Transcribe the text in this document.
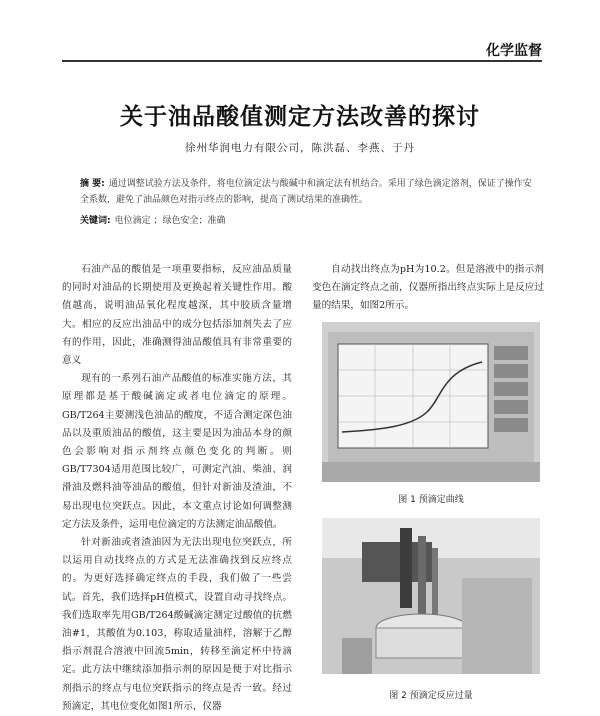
化学监督
关于油品酸值测定方法改善的探讨
徐州华润电力有限公司，陈洪磊、李燕、于丹
摘 要: 通过调整试验方法及条件，将电位滴定法与酸碱中和滴定法有机结合。采用了绿色滴定溶剂，保证了操作安全系数，避免了油品颜色对指示终点的影响，提高了测试结果的准确性。
关键词: 电位滴定 ；绿色安全；准确

石油产品的酸值是一项重要指标，反应油品质量的同时对油品的长期使用及更换起着关键性作用。酸值越高，说明油品氧化程度越深，其中胶质含量增大。相应的反应出油品中的成分包括添加剂失去了应有的作用，因此，准确测得油品酸值具有非常重要的意义

现有的一系列石油产品酸值的标准实施方法，其原理都是基于酸碱滴定或者电位滴定的原理。GB/T264主要测浅色油品的酸度，不适合测定深色油品以及重质油品的酸值，这主要是因为油品本身的颜色会影响对指示剂终点颜色变化的判断。则GB/T7304适用范围比较广，可测定汽油、柴油、润滑油及燃料油等油品的酸值，但针对新油及渣油，不易出现电位突跃点。因此，本文重点讨论如何调整测定方法及条件，运用电位滴定的方法测定油品酸值。

针对新油或者渣油因为无法出现电位突跃点，所以运用自动找终点的方式是无法准确找到反应终点的。为更好选择确定终点的手段，我们做了一些尝试。首先，我们选择pH值模式，设置自动寻找终点。我们选取率先用GB/T264酸碱滴定测定过酸值的抗燃油#1，其酸值为0.103，称取适量油样，溶解于乙醇指示剂混合溶液中回流5min，转移至滴定杯中待滴定。此方法中继续添加指示剂的原因是便于对比指示剂指示的终点与电位突跃指示的终点是否一致。经过预滴定，其电位变化如图1所示，仪器

自动找出终点为pH为10.2。但是溶液中的指示剂变色在滴定终点之前，仪器所指出终点实际上是反应过量的结果，如图2所示。

图 1 预滴定曲线
图 2 预滴定反应过量
